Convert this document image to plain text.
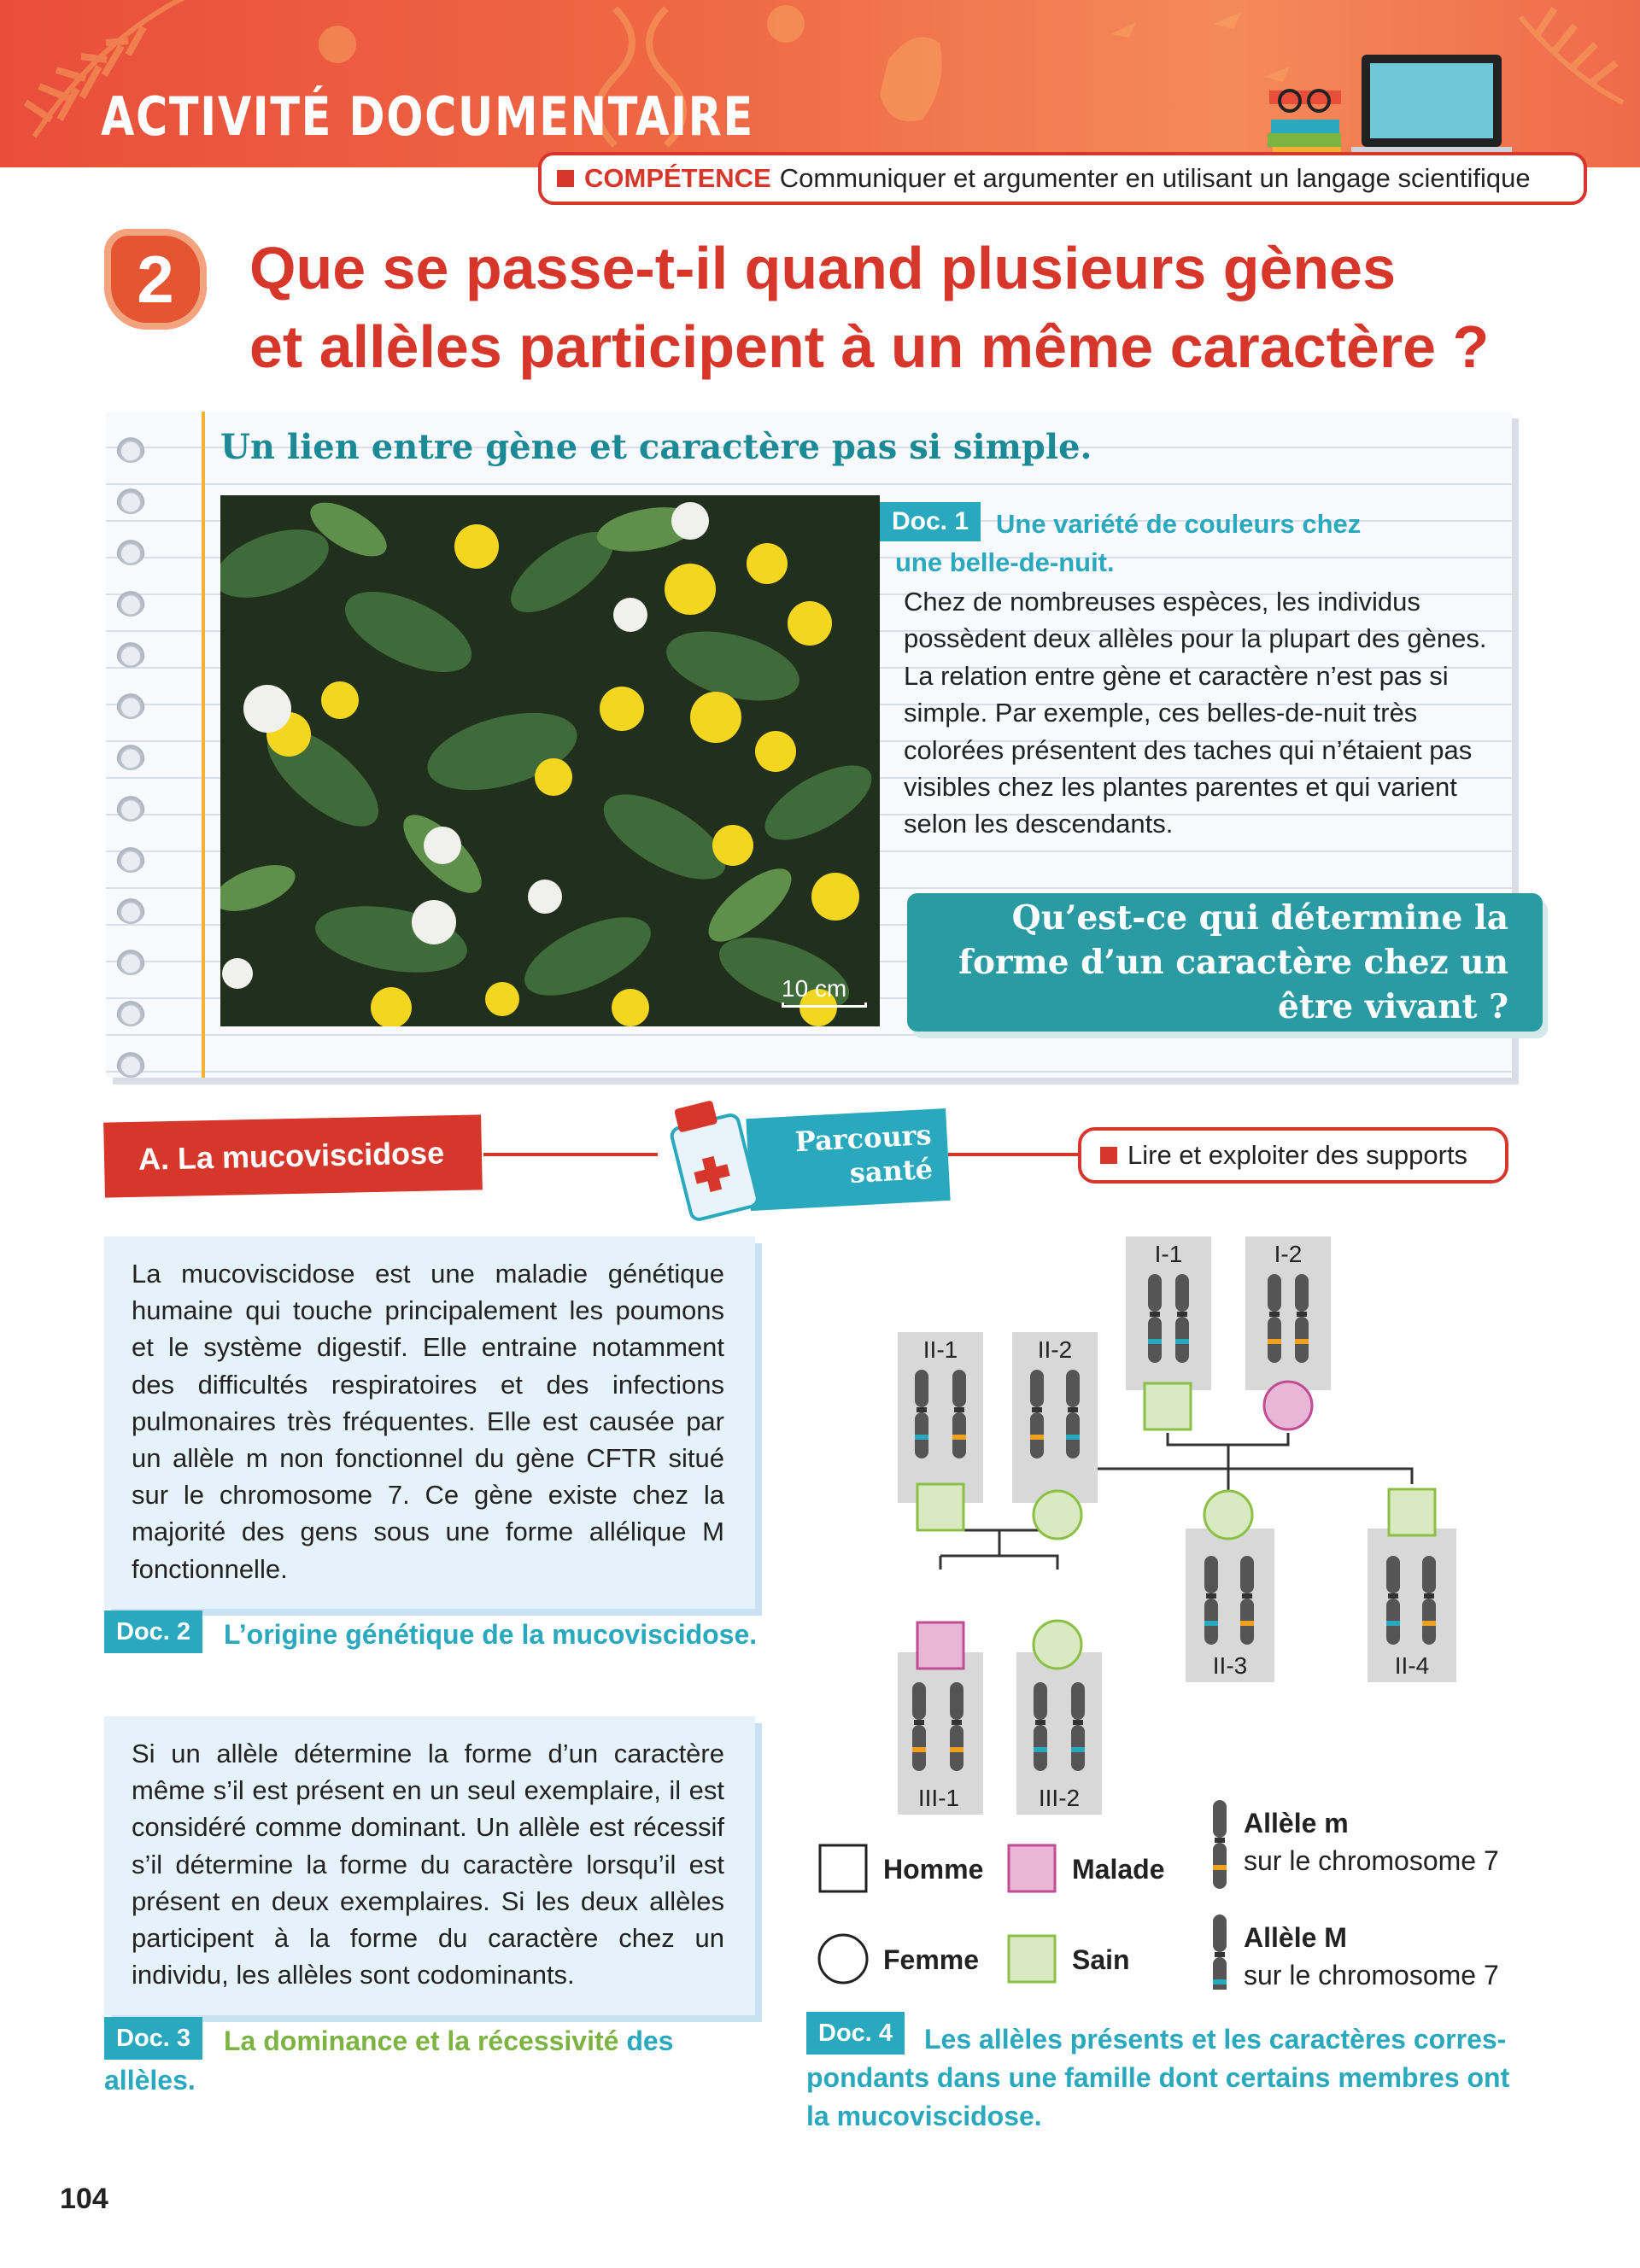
ACTIVITÉ DOCUMENTAIRE
COMPÉTENCE Communiquer et argumenter en utilisant un langage scientifique
2	Que se passe-t-il quand plusieurs gènes
et allèles participent à un même caractère ?
Un lien entre gène et caractère pas si simple.
10 cm
Doc. 1	Une variété de couleurs chez
une belle-de-nuit.
Chez de nombreuses espèces, les individus possèdent deux allèles pour la plupart des gènes. La relation entre gène et caractère n’est pas si simple. Par exemple, ces belles-de-nuit très colorées présentent des taches qui n’étaient pas visibles chez les plantes parentes et qui varient selon les descendants.
Qu’est-ce qui détermine la forme d’un caractère chez un être vivant ?
A. La mucoviscidose	Parcours
santé	Lire et exploiter des supports
La mucoviscidose est une maladie génétique humaine qui touche principalement les poumons et le système digestif. Elle entraine notamment des difficultés respiratoires et des infections pulmonaires très fréquentes. Elle est causée par un allèle m non fonctionnel du gène CFTR situé sur le chromosome 7. Ce gène existe chez la majorité des gens sous une forme allélique M fonctionnelle.
Doc. 2	L’origine génétique de la mucoviscidose.
Si un allèle détermine la forme d’un caractère même s’il est présent en un seul exemplaire, il est considéré comme dominant. Un allèle est récessif s’il détermine la forme du caractère lorsqu’il est présent en deux exemplaires. Si les deux allèles participent à la forme du caractère chez un individu, les allèles sont codominants.
Doc. 3	La dominance et la récessivité des
allèles.
I-1	I-2
II-1	II-2
II-3	II-4
III-1	III-2
Homme
Femme
Malade
Sain
Allèle m
sur le chromosome 7
Allèle M
sur le chromosome 7
Doc. 4	Les allèles présents et les caractères corres-
pondants dans une famille dont certains membres ont
la mucoviscidose.
104
